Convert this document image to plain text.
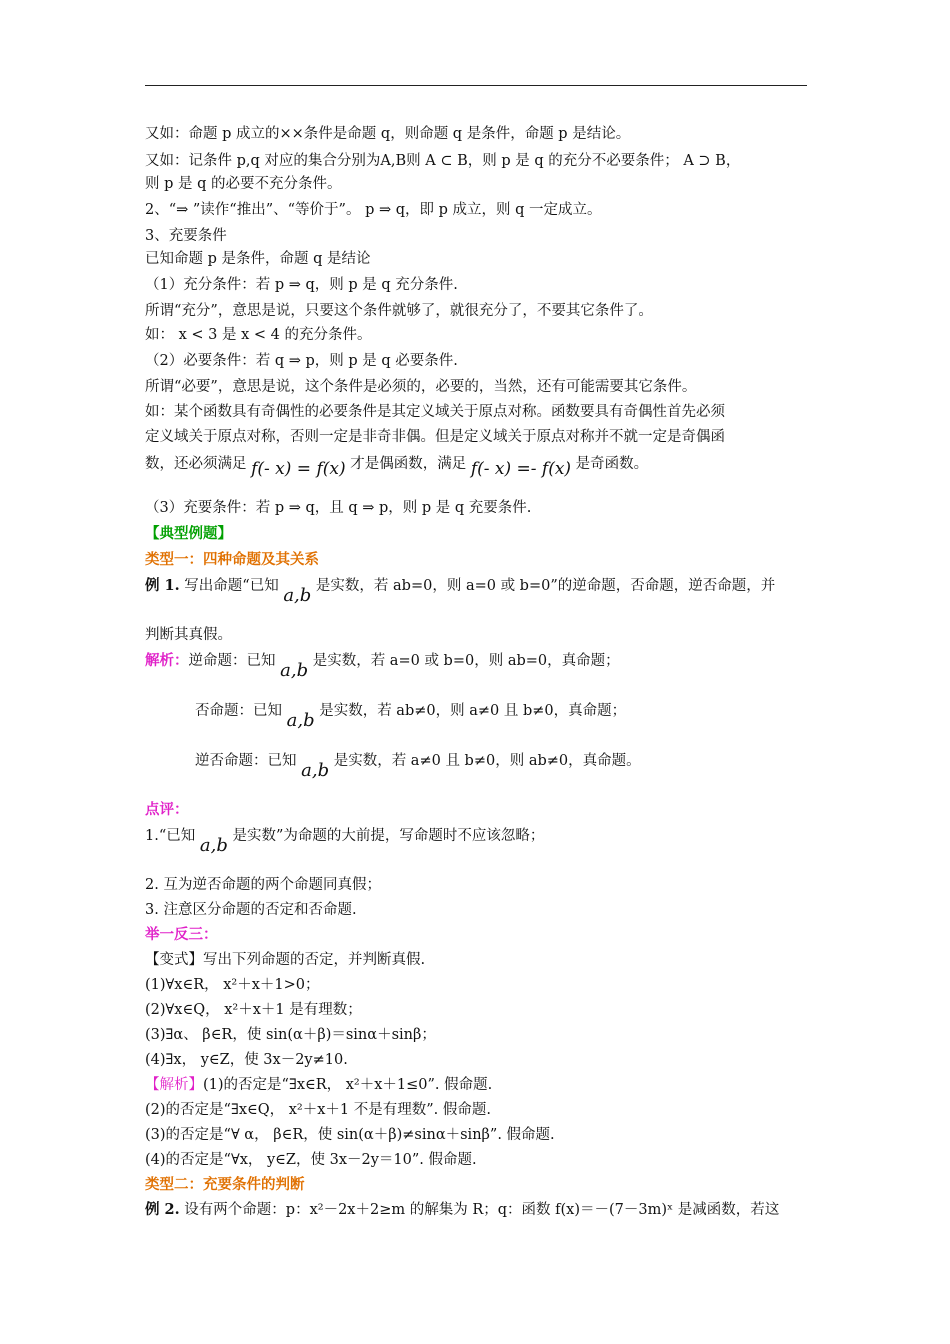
又如：命题 p 成立的××条件是命题 q，则命题 q 是条件，命题 p 是结论。
又如：记条件 p,q 对应的集合分别为A,B则 A ⊂ B，则 p 是 q 的充分不必要条件； A ⊃ B，
则 p 是 q 的必要不充分条件。
2、“⇒ ”读作“推出”、“等价于”。 p ⇒ q，即 p 成立，则 q 一定成立。
3、充要条件
已知命题 p 是条件，命题 q 是结论
（1）充分条件：若 p ⇒ q，则 p 是 q 充分条件.
所谓“充分”，意思是说，只要这个条件就够了，就很充分了，不要其它条件了。
如： x < 3 是 x < 4 的充分条件。
（2）必要条件：若 q ⇒ p，则 p 是 q 必要条件.
所谓“必要”，意思是说，这个条件是必须的，必要的，当然，还有可能需要其它条件。
如：某个函数具有奇偶性的必要条件是其定义域关于原点对称。函数要具有奇偶性首先必须
定义域关于原点对称，否则一定是非奇非偶。但是定义域关于原点对称并不就一定是奇偶函
数，还必须满足 f(- x) = f(x) 才是偶函数，满足 f(- x) =- f(x) 是奇函数。
（3）充要条件：若 p ⇒ q，且 q ⇒ p，则 p 是 q 充要条件.
【典型例题】
类型一：四种命题及其关系
例 1. 写出命题“已知 a,b 是实数，若 ab=0，则 a=0 或 b=0”的逆命题，否命题，逆否命题，并
判断其真假。
解析：逆命题：已知 a,b 是实数，若 a=0 或 b=0，则 ab=0，真命题；
否命题：已知 a,b 是实数，若 ab≠0，则 a≠0 且 b≠0，真命题；
逆否命题：已知 a,b 是实数，若 a≠0 且 b≠0，则 ab≠0，真命题。
点评：
1.“已知 a,b 是实数”为命题的大前提，写命题时不应该忽略；
2. 互为逆否命题的两个命题同真假；
3. 注意区分命题的否定和否命题.
举一反三：
【变式】写出下列命题的否定，并判断真假.
(1)∀x∈R， x²＋x＋1>0；
(2)∀x∈Q， x²＋x＋1 是有理数；
(3)∃α、 β∈R，使 sin(α＋β)＝sinα＋sinβ；
(4)∃x， y∈Z，使 3x－2y≠10.
【解析】(1)的否定是“∃x∈R， x²＋x＋1≤0”. 假命题.
(2)的否定是“∃x∈Q， x²＋x＋1 不是有理数”. 假命题.
(3)的否定是“∀ α， β∈R，使 sin(α＋β)≠sinα＋sinβ”. 假命题.
(4)的否定是“∀x， y∈Z，使 3x－2y＝10”. 假命题.
类型二：充要条件的判断
例 2. 设有两个命题：p：x²－2x＋2≥m 的解集为 R；q：函数 f(x)＝－(7－3m)ˣ 是减函数，若这
